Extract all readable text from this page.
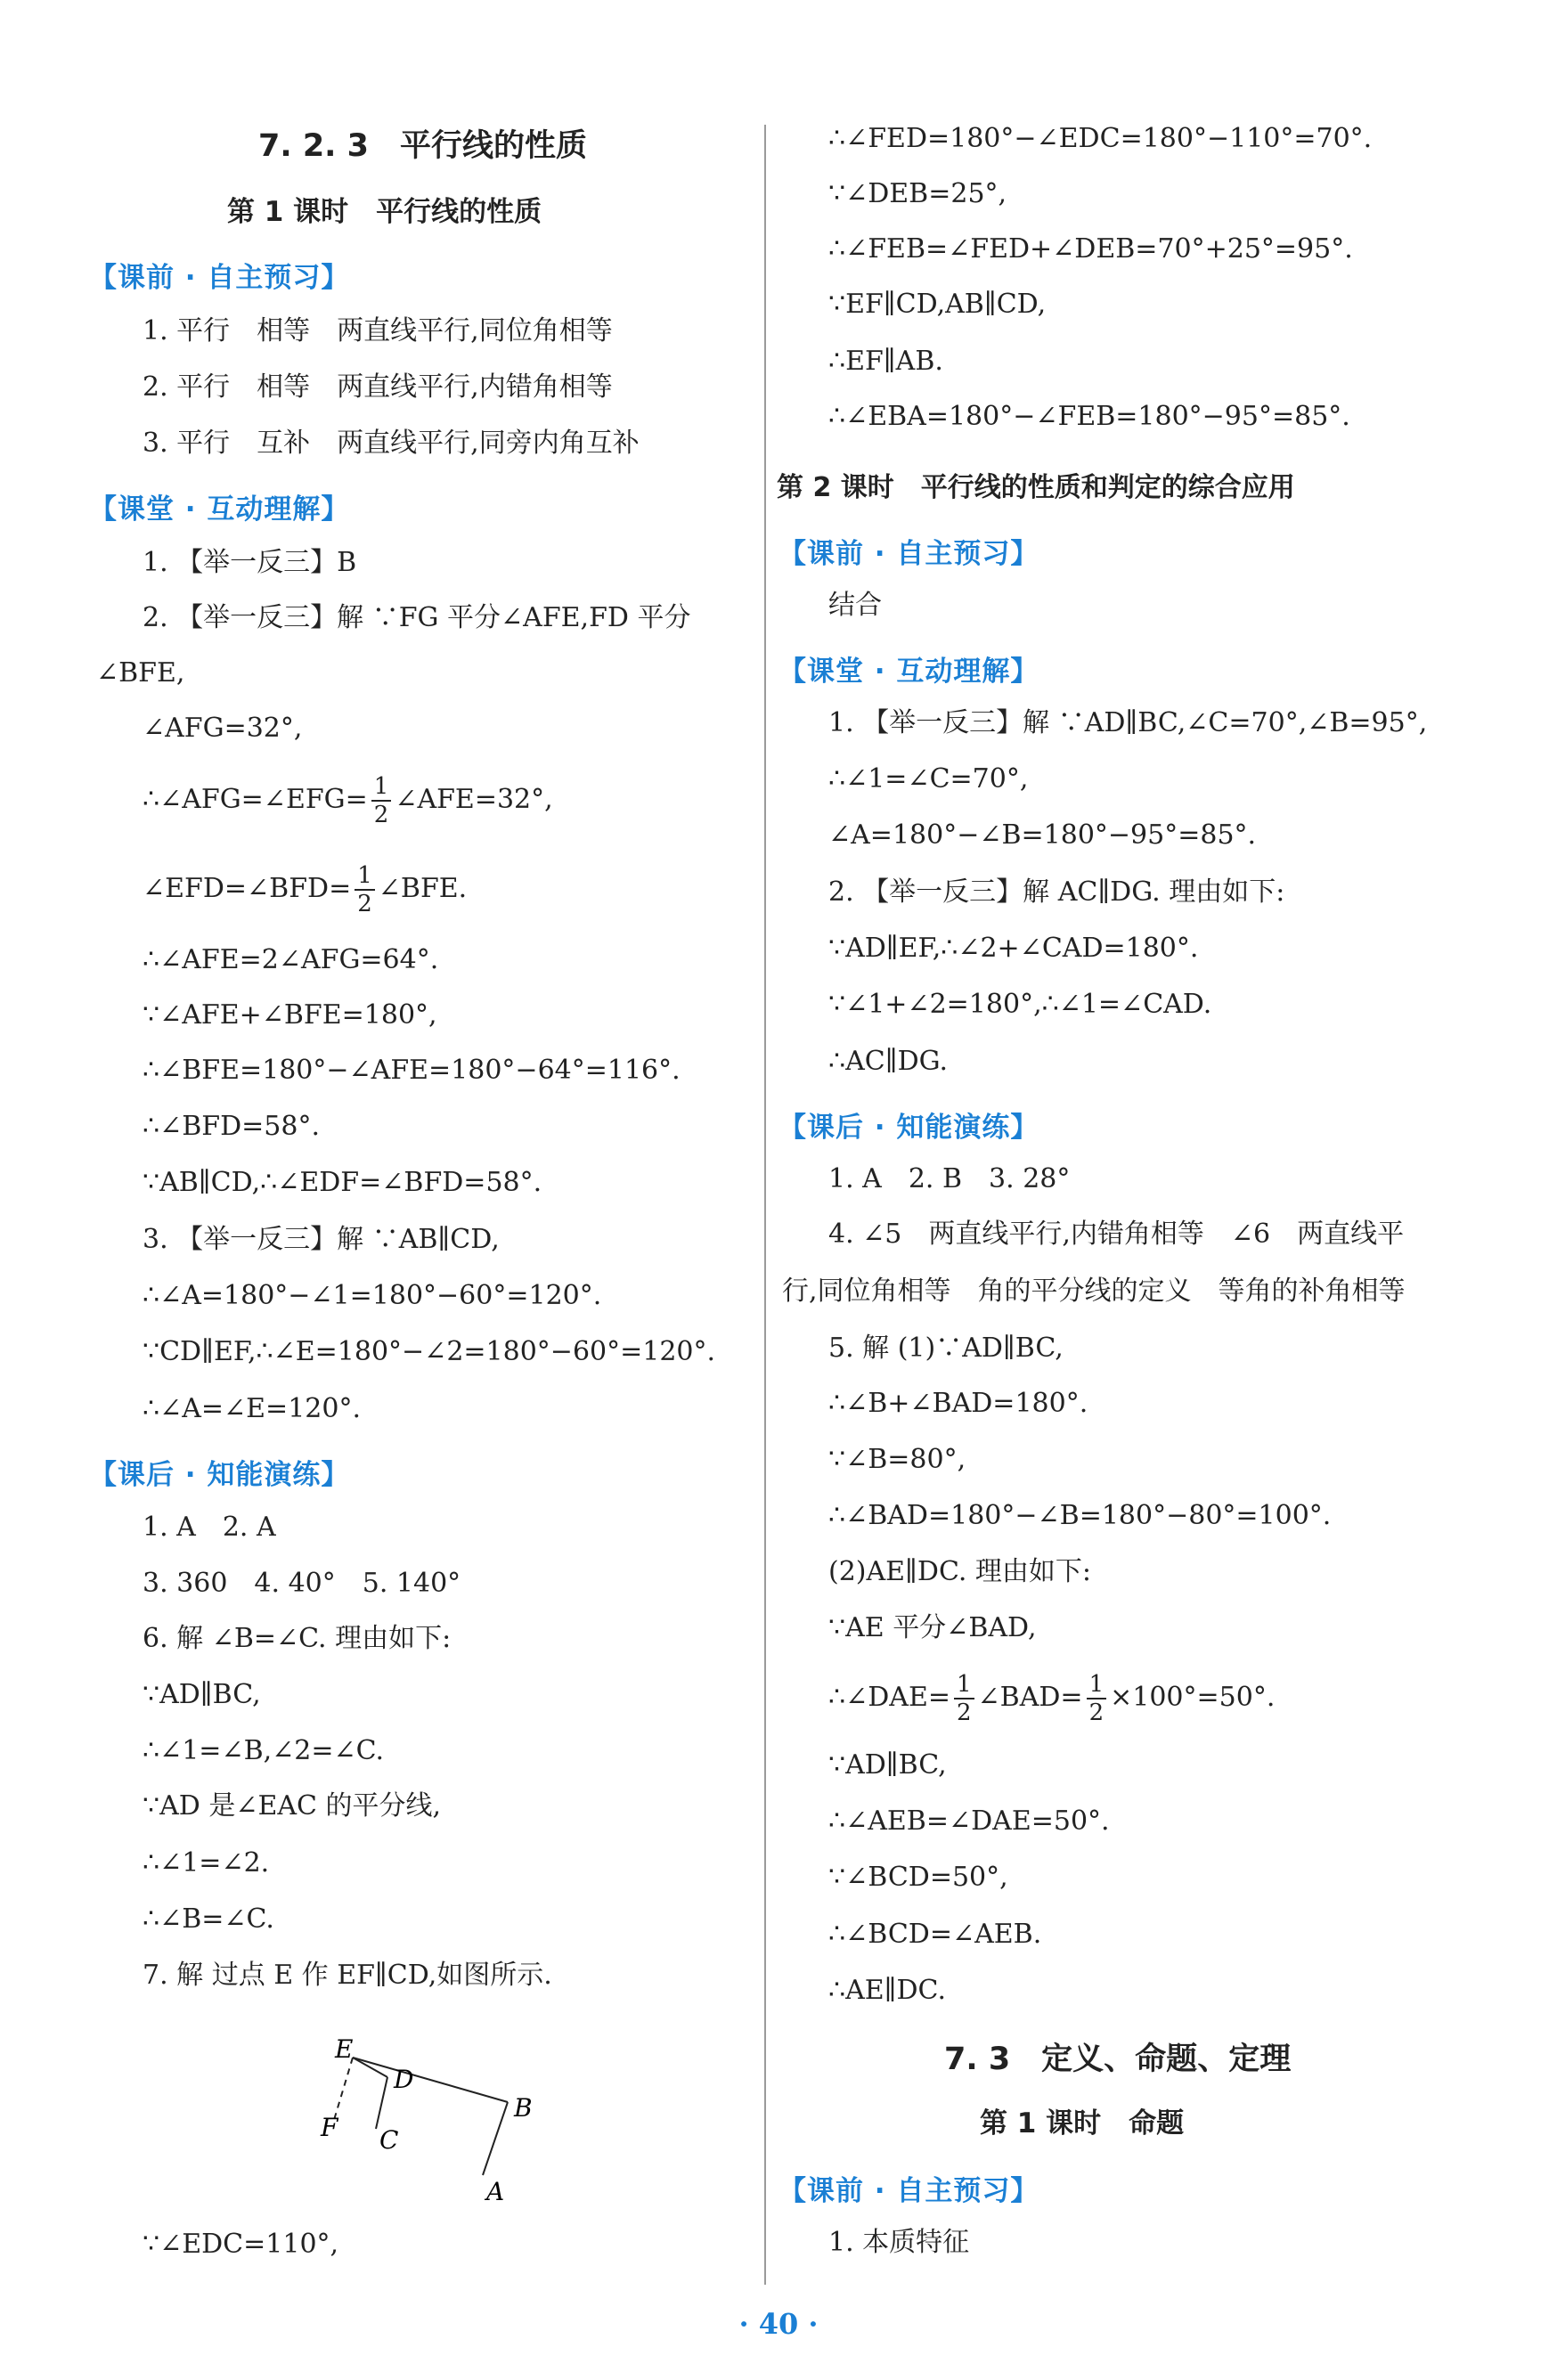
7. 2. 3　平行线的性质
第 1 课时　平行线的性质
【课前 · 自主预习】
1. 平行　相等　两直线平行,同位角相等
2. 平行　相等　两直线平行,内错角相等
3. 平行　互补　两直线平行,同旁内角互补
【课堂 · 互动理解】
1. 【举一反三】B
2. 【举一反三】解 ∵FG 平分∠AFE,FD 平分
∠BFE,
∠AFG=32°,
∴∠AFG=∠EFG= $\frac{1}{2}$ ∠AFE=32°,
∠EFD=∠BFD= $\frac{1}{2}$ ∠BFE.
∴∠AFE=2∠AFG=64°.
∵∠AFE+∠BFE=180°,
∴∠BFE=180°−∠AFE=180°−64°=116°.
∴∠BFD=58°.
∵AB∥CD,∴∠EDF=∠BFD=58°.
3. 【举一反三】解 ∵AB∥CD,
∴∠A=180°−∠1=180°−60°=120°.
∵CD∥EF,∴∠E=180°−∠2=180°−60°=120°.
∴∠A=∠E=120°.
【课后 · 知能演练】
1. A　2. A
3. 360　4. 40°　5. 140°
6. 解 ∠B=∠C. 理由如下:
∵AD∥BC,
∴∠1=∠B,∠2=∠C.
∵AD 是∠EAC 的平分线,
∴∠1=∠2.
∴∠B=∠C.
7. 解 过点 E 作 EF∥CD,如图所示.
E
D
B
F C
A
∵∠EDC=110°,
∴∠FED=180°−∠EDC=180°−110°=70°.
∵∠DEB=25°,
∴∠FEB=∠FED+∠DEB=70°+25°=95°.
∵EF∥CD,AB∥CD,
∴EF∥AB.
∴∠EBA=180°−∠FEB=180°−95°=85°.
第 2 课时　平行线的性质和判定的综合应用
【课前 · 自主预习】
结合
【课堂 · 互动理解】
1. 【举一反三】解 ∵AD∥BC,∠C=70°,∠B=95°,
∴∠1=∠C=70°,
∠A=180°−∠B=180°−95°=85°.
2. 【举一反三】解 AC∥DG. 理由如下:
∵AD∥EF,∴∠2+∠CAD=180°.
∵∠1+∠2=180°,∴∠1=∠CAD.
∴AC∥DG.
【课后 · 知能演练】
1. A　2. B　3. 28°
4. ∠5　两直线平行,内错角相等　∠6　两直线平
行,同位角相等　角的平分线的定义　等角的补角相等
5. 解 (1)∵AD∥BC,
∴∠B+∠BAD=180°.
∵∠B=80°,
∴∠BAD=180°−∠B=180°−80°=100°.
(2)AE∥DC. 理由如下:
∵AE 平分∠BAD,
∴∠DAE= $\frac{1}{2}$ ∠BAD= $\frac{1}{2} \times 100^\circ=50^\circ$.
∵AD∥BC,
∴∠AEB=∠DAE=50°.
∵∠BCD=50°,
∴∠BCD=∠AEB.
∴AE∥DC.
7. 3　定义、命题、定理
第 1 课时　命题
【课前 · 自主预习】
1. 本质特征
· 40 ·
